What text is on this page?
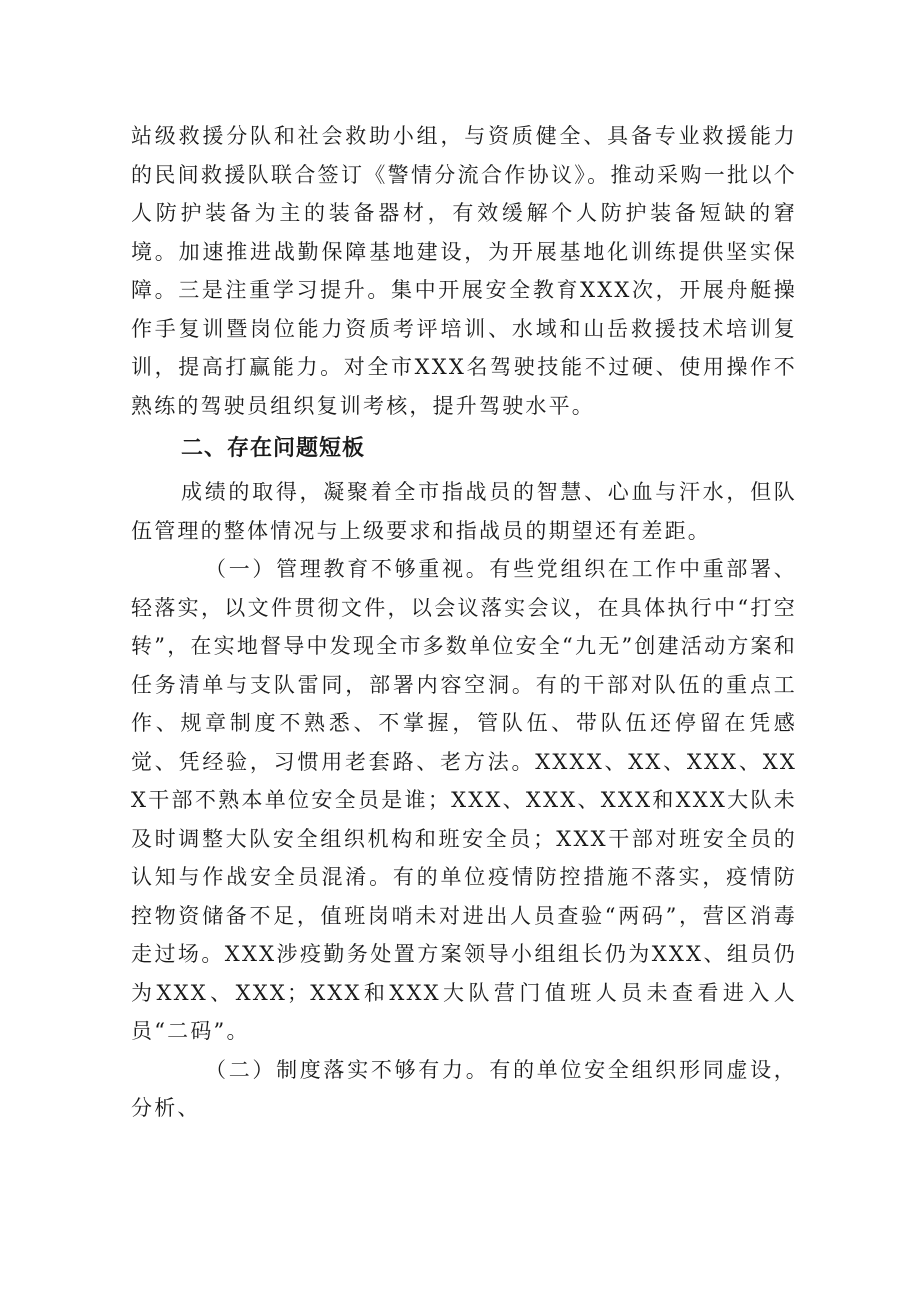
站级救援分队和社会救助小组，与资质健全、具备专业救援能力的民间救援队联合签订《警情分流合作协议》。推动采购一批以个人防护装备为主的装备器材，有效缓解个人防护装备短缺的窘境。加速推进战勤保障基地建设，为开展基地化训练提供坚实保障。三是注重学习提升。集中开展安全教育XXX次，开展舟艇操作手复训暨岗位能力资质考评培训、水域和山岳救援技术培训复训，提高打赢能力。对全市XXX名驾驶技能不过硬、使用操作不熟练的驾驶员组织复训考核，提升驾驶水平。

二、存在问题短板

成绩的取得，凝聚着全市指战员的智慧、心血与汗水，但队伍管理的整体情况与上级要求和指战员的期望还有差距。

（一）管理教育不够重视。有些党组织在工作中重部署、轻落实，以文件贯彻文件，以会议落实会议，在具体执行中“打空转”，在实地督导中发现全市多数单位安全“九无”创建活动方案和任务清单与支队雷同，部署内容空洞。有的干部对队伍的重点工作、规章制度不熟悉、不掌握，管队伍、带队伍还停留在凭感觉、凭经验，习惯用老套路、老方法。XXXX、XX、XXX、XXX干部不熟本单位安全员是谁；XXX、XXX、XXX和XXX大队未及时调整大队安全组织机构和班安全员；XXX干部对班安全员的认知与作战安全员混淆。有的单位疫情防控措施不落实，疫情防控物资储备不足，值班岗哨未对进出人员查验“两码”，营区消毒走过场。XXX涉疫勤务处置方案领导小组组长仍为XXX、组员仍为XXX、XXX；XXX和XXX大队营门值班人员未查看进入人员“二码”。

（二）制度落实不够有力。有的单位安全组织形同虚设，分析、
